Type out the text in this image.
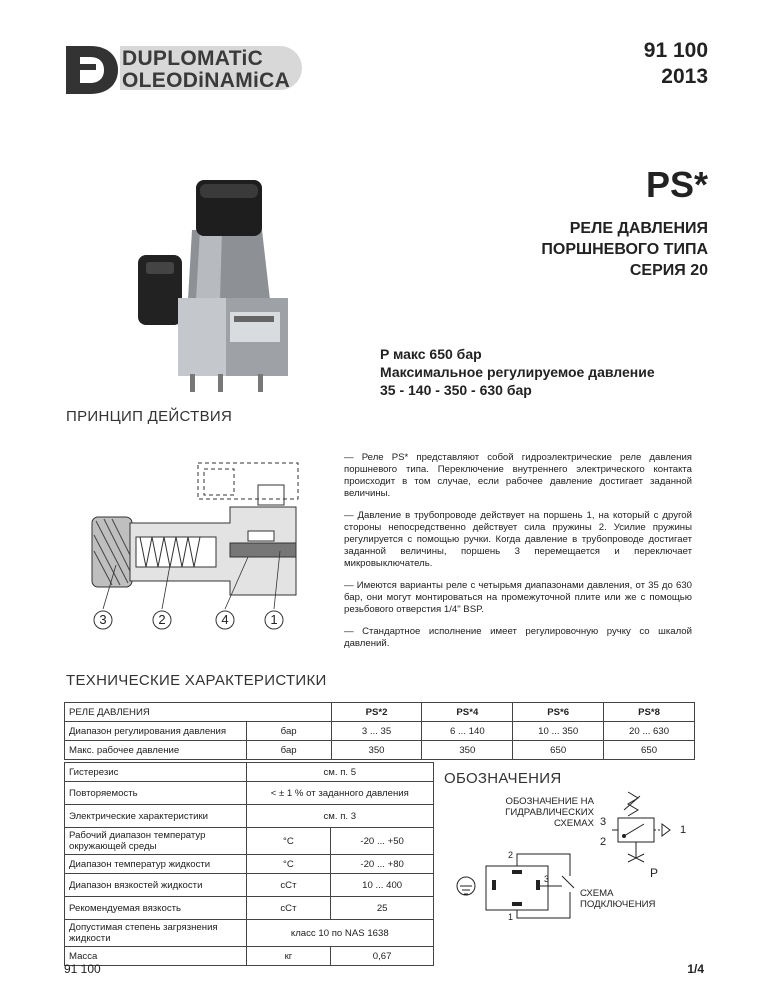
DUPLOMATiC
OLEODiNAMiCA
91 100
2013
PS*
РЕЛЕ ДАВЛЕНИЯ
ПОРШНЕВОГО ТИПА
СЕРИЯ 20
P макс 650 бар
Максимальное регулируемое давление
35 - 140 - 350 - 630 бар
ПРИНЦИП ДЕЙСТВИЯ
3	2	4	1

— Реле PS* представляют собой гидроэлектрические реле давления поршневого типа. Переключение внутреннего электрического контакта происходит в том случае, если рабочее давление достигает заданной величины.

— Давление в трубопроводе действует на поршень 1, на который с другой стороны непосредственно действует сила пружины 2. Усилие пружины регулируется с помощью ручки. Когда давление в трубопроводе достигает заданной величины, поршень 3 перемещается и переключает микровыключатель.

— Имеются варианты реле с четырьмя диапазонами давления, от 35 до 630 бар, они могут монтироваться на промежуточной плите или же с помощью резьбового отверстия 1/4" BSP.

— Стандартное исполнение имеет регулировочную ручку со шкалой давлений.

ТЕХНИЧЕСКИЕ ХАРАКТЕРИСТИКИ
РЕЛЕ ДАВЛЕНИЯ		PS*2	PS*4	PS*6	PS*8
Диапазон регулирования давления	бар	3 ... 35	6 ... 140	10 ... 350	20 ... 630
Макс. рабочее давление	бар	350	350	650	650
Гистерезис	см. п. 5	
Повторяемость	< ± 1 % от заданного давления	
Электрические характеристики	см. п. 3	
Рабочий диапазон температур окружающей среды	°C	-20 ... +50
Диапазон температур жидкости	°C	-20 ... +80
Диапазон вязкостей жидкости	сСт	10 ... 400
Рекомендуемая вязкость	сСт	25
Допустимая степень загрязнения жидкости	класс 10 по NAS 1638	
Масса	кг	0,67
ОБОЗНАЧЕНИЯ
ОБОЗНАЧЕНИЕ НА
ГИДРАВЛИЧЕСКИХ
СХЕМАХ 3
2
1
P
2
3
1
СХЕМА
ПОДКЛЮЧЕНИЯ
91 100	1/4
